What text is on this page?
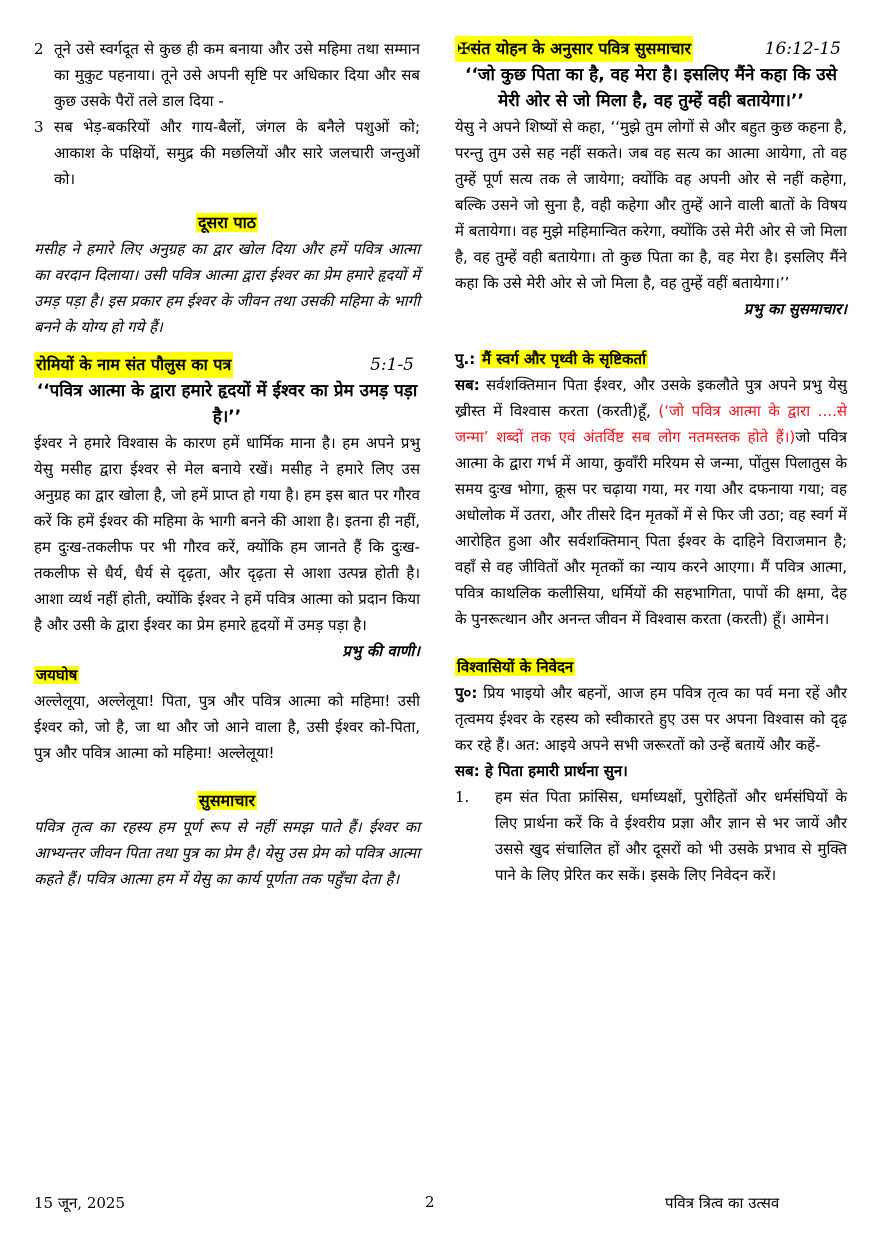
2 तूने उसे स्वर्गदूत से कुछ ही कम बनाया और उसे महिमा तथा सम्मान का मुकुट पहनाया। तूने उसे अपनी सृष्टि पर अधिकार दिया और सब कुछ उसके पैरों तले डाल दिया -
3 सब भेड़-बकरियों और गाय-बैलों, जंगल के बनैले पशुओं को; आकाश के पक्षियों, समुद्र की मछलियों और सारे जलचारी जन्तुओं को।

दूसरा पाठ

मसीह ने हमारे लिए अनुग्रह का द्वार खोल दिया और हमें पवित्र आत्मा का वरदान दिलाया। उसी पवित्र आत्मा द्वारा ईश्वर का प्रेम हमारे हृदयों में उमड़ पड़ा है। इस प्रकार हम ईश्वर के जीवन तथा उसकी महिमा के भागी बनने के योग्य हो गये हैं।

रोमियों के नाम संत पौलुस का पत्र	5:1-5

‘‘पवित्र आत्मा के द्वारा हमारे हृदयों में ईश्वर का प्रेम उमड़ पड़ा है।’’

ईश्वर ने हमारे विश्वास के कारण हमें धार्मिक माना है। हम अपने प्रभु येसु मसीह द्वारा ईश्वर से मेल बनाये रखें। मसीह ने हमारे लिए उस अनुग्रह का द्वार खोला है, जो हमें प्राप्त हो गया है। हम इस बात पर गौरव करें कि हमें ईश्वर की महिमा के भागी बनने की आशा है। इतना ही नहीं, हम दुःख-तकलीफ पर भी गौरव करें, क्योंकि हम जानते हैं कि दुःख-तकलीफ से धैर्य, धैर्य से दृढ़ता, और दृढ़ता से आशा उत्पन्न होती है। आशा व्यर्थ नहीं होती, क्योंकि ईश्वर ने हमें पवित्र आत्मा को प्रदान किया है और उसी के द्वारा ईश्वर का प्रेम हमारे हृदयों में उमड़ पड़ा है।
प्रभु की वाणी।

जयघोष

अल्लेलूया, अल्लेलूया! पिता, पुत्र और पवित्र आत्मा को महिमा! उसी ईश्वर को, जो है, जा था और जो आने वाला है, उसी ईश्वर को-पिता, पुत्र और पवित्र आत्मा को महिमा! अल्लेलूया!

सुसमाचार

पवित्र तृत्व का रहस्य हम पूर्ण रूप से नहीं समझ पाते हैं। ईश्वर का आभ्यन्तर जीवन पिता तथा पुत्र का प्रेम है। येसु उस प्रेम को पवित्र आत्मा कहते हैं। पवित्र आत्मा हम में येसु का कार्य पूर्णता तक पहुँचा देता है।

✠संत योहन के अनुसार पवित्र सुसमाचार	16:12-15

‘‘जो कुछ पिता का है, वह मेरा है। इसलिए मैंने कहा कि उसे मेरी ओर से जो मिला है, वह तुम्हें वही बतायेगा।’’

येसु ने अपने शिष्यों से कहा, ‘‘मुझे तुम लोगों से और बहुत कुछ कहना है, परन्तु तुम उसे सह नहीं सकते। जब वह सत्य का आत्मा आयेगा, तो वह तुम्हें पूर्ण सत्य तक ले जायेगा; क्योंकि वह अपनी ओर से नहीं कहेगा, बल्कि उसने जो सुना है, वही कहेगा और तुम्हें आने वाली बातों के विषय में बतायेगा। वह मुझे महिमान्वित करेगा, क्योंकि उसे मेरी ओर से जो मिला है, वह तुम्हें वही बतायेगा। तो कुछ पिता का है, वह मेरा है। इसलिए मैंने कहा कि उसे मेरी ओर से जो मिला है, वह तुम्हें वहीं बतायेगा।’’
प्रभु का सुसमाचार।

पु.: मैं स्वर्ग और पृथ्वी के सृष्टिकर्ता

सब: सर्वशक्तिमान पिता ईश्वर, और उसके इकलौते पुत्र अपने प्रभु येसु ख्रीस्त में विश्वास करता (करती)हूँ, (‘जो पवित्र आत्मा के द्वारा ....से जन्मा’ शब्दों तक एवं अंतर्विष्ट सब लोग नतमस्तक होते हैं।)जो पवित्र आत्मा के द्वारा गर्भ में आया, कुवाँरी मरियम से जन्मा, पोंतुस पिलातुस के समय दुःख भोगा, क्रूस पर चढ़ाया गया, मर गया और दफनाया गया; वह अधोलोक में उतरा, और तीसरे दिन मृतकों में से फिर जी उठा; वह स्वर्ग में आरोहित हुआ और सर्वशक्तिमान् पिता ईश्वर के दाहिने विराजमान है; वहाँ से वह जीवितों और मृतकों का न्याय करने आएगा। मैं पवित्र आत्मा, पवित्र काथलिक कलीसिया, धर्मियों की सहभागिता, पापों की क्षमा, देह के पुनरूत्थान और अनन्त जीवन में विश्वास करता (करती) हूँ। आमेन।

विश्वासियों के निवेदन

पु०: प्रिय भाइयो और बहनों, आज हम पवित्र तृत्व का पर्व मना रहें और तृत्वमय ईश्वर के रहस्य को स्वीकारते हुए उस पर अपना विश्वास को दृढ़ कर रहे हैं। अत: आइये अपने सभी जरूरतों को उन्हें बतायें और कहें-

सब: हे पिता हमारी प्रार्थना सुन।

1.	हम संत पिता फ्रांसिस, धर्माध्यक्षों, पुरोहितों और धर्मसंघियों के लिए प्रार्थना करें कि वे ईश्वरीय प्रज्ञा और ज्ञान से भर जायें और उससे खुद संचालित हों और दूसरों को भी उसके प्रभाव से मुक्ति पाने के लिए प्रेरित कर सकें। इसके लिए निवेदन करें।
15 जून, 2025	2	पवित्र त्रित्व का उत्सव
